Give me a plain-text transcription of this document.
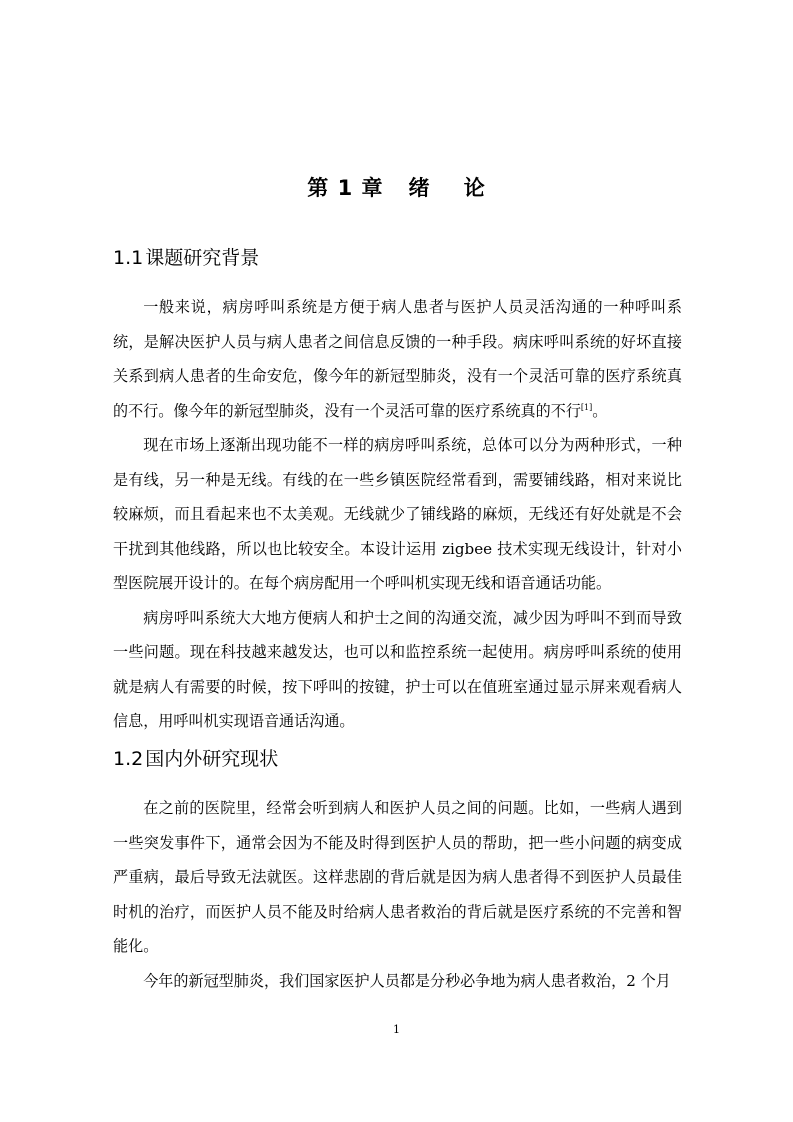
第 1 章   绪    论
1.1 课题研究背景

一般来说，病房呼叫系统是方便于病人患者与医护人员灵活沟通的一种呼叫系统，是解决医护人员与病人患者之间信息反馈的一种手段。病床呼叫系统的好坏直接关系到病人患者的生命安危，像今年的新冠型肺炎，没有一个灵活可靠的医疗系统真的不行。像今年的新冠型肺炎，没有一个灵活可靠的医疗系统真的不行[1]。

现在市场上逐渐出现功能不一样的病房呼叫系统，总体可以分为两种形式，一种是有线，另一种是无线。有线的在一些乡镇医院经常看到，需要铺线路，相对来说比较麻烦，而且看起来也不太美观。无线就少了铺线路的麻烦，无线还有好处就是不会干扰到其他线路，所以也比较安全。本设计运用 zigbee 技术实现无线设计，针对小型医院展开设计的。在每个病房配用一个呼叫机实现无线和语音通话功能。

病房呼叫系统大大地方便病人和护士之间的沟通交流，减少因为呼叫不到而导致一些问题。现在科技越来越发达，也可以和监控系统一起使用。病房呼叫系统的使用就是病人有需要的时候，按下呼叫的按键，护士可以在值班室通过显示屏来观看病人信息，用呼叫机实现语音通话沟通。

1.2 国内外研究现状

在之前的医院里，经常会听到病人和医护人员之间的问题。比如，一些病人遇到一些突发事件下，通常会因为不能及时得到医护人员的帮助，把一些小问题的病变成严重病，最后导致无法就医。这样悲剧的背后就是因为病人患者得不到医护人员最佳时机的治疗，而医护人员不能及时给病人患者救治的背后就是医疗系统的不完善和智能化。

今年的新冠型肺炎，我们国家医护人员都是分秒必争地为病人患者救治，2 个月

1
